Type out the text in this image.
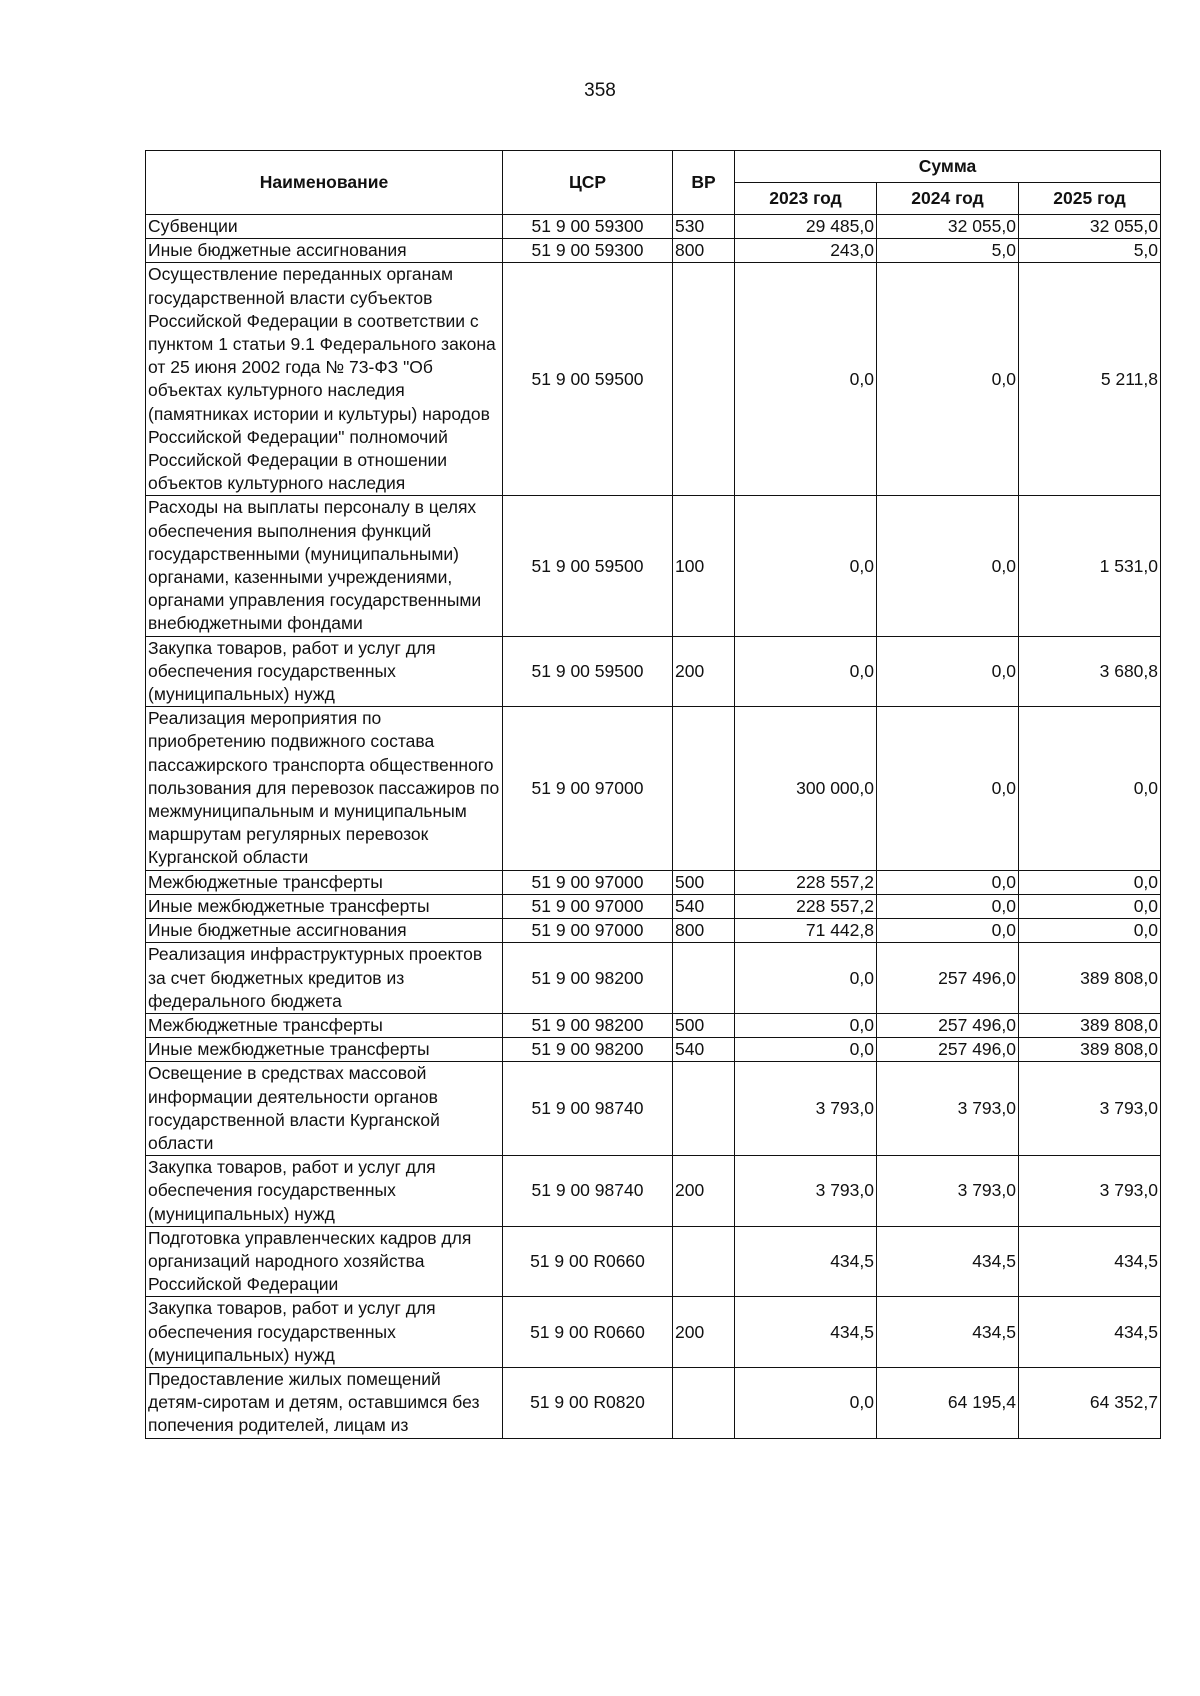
358
Наименование	ЦСР	ВР	Сумма		
			2023 год	2024 год	2025 год
Субвенции	51 9 00 59300	530	29 485,0	32 055,0	32 055,0
Иные бюджетные ассигнования	51 9 00 59300	800	243,0	5,0	5,0
Осуществление переданных органам государственной власти субъектов Российской Федерации в соответствии с пунктом 1 статьи 9.1 Федерального закона от 25 июня 2002 года № 73-ФЗ "Об объектах культурного наследия (памятниках истории и культуры) народов Российской Федерации" полномочий Российской Федерации в отношении объектов культурного наследия	51 9 00 59500		0,0	0,0	5 211,8
Расходы на выплаты персоналу в целях обеспечения выполнения функций государственными (муниципальными) органами, казенными учреждениями, органами управления государственными внебюджетными фондами	51 9 00 59500	100	0,0	0,0	1 531,0
Закупка товаров, работ и услуг для обеспечения государственных (муниципальных) нужд	51 9 00 59500	200	0,0	0,0	3 680,8
Реализация мероприятия по приобретению подвижного состава пассажирского транспорта общественного пользования для перевозок пассажиров по межмуниципальным и муниципальным маршрутам регулярных перевозок Курганской области	51 9 00 97000		300 000,0	0,0	0,0
Межбюджетные трансферты	51 9 00 97000	500	228 557,2	0,0	0,0
Иные межбюджетные трансферты	51 9 00 97000	540	228 557,2	0,0	0,0
Иные бюджетные ассигнования	51 9 00 97000	800	71 442,8	0,0	0,0
Реализация инфраструктурных проектов за счет бюджетных кредитов из федерального бюджета	51 9 00 98200		0,0	257 496,0	389 808,0
Межбюджетные трансферты	51 9 00 98200	500	0,0	257 496,0	389 808,0
Иные межбюджетные трансферты	51 9 00 98200	540	0,0	257 496,0	389 808,0
Освещение в средствах массовой информации деятельности органов государственной власти Курганской области	51 9 00 98740		3 793,0	3 793,0	3 793,0
Закупка товаров, работ и услуг для обеспечения государственных (муниципальных) нужд	51 9 00 98740	200	3 793,0	3 793,0	3 793,0
Подготовка управленческих кадров для организаций народного хозяйства Российской Федерации	51 9 00 R0660		434,5	434,5	434,5
Закупка товаров, работ и услуг для обеспечения государственных (муниципальных) нужд	51 9 00 R0660	200	434,5	434,5	434,5
Предоставление жилых помещений детям-сиротам и детям, оставшимся без попечения родителей, лицам из	51 9 00 R0820		0,0	64 195,4	64 352,7
